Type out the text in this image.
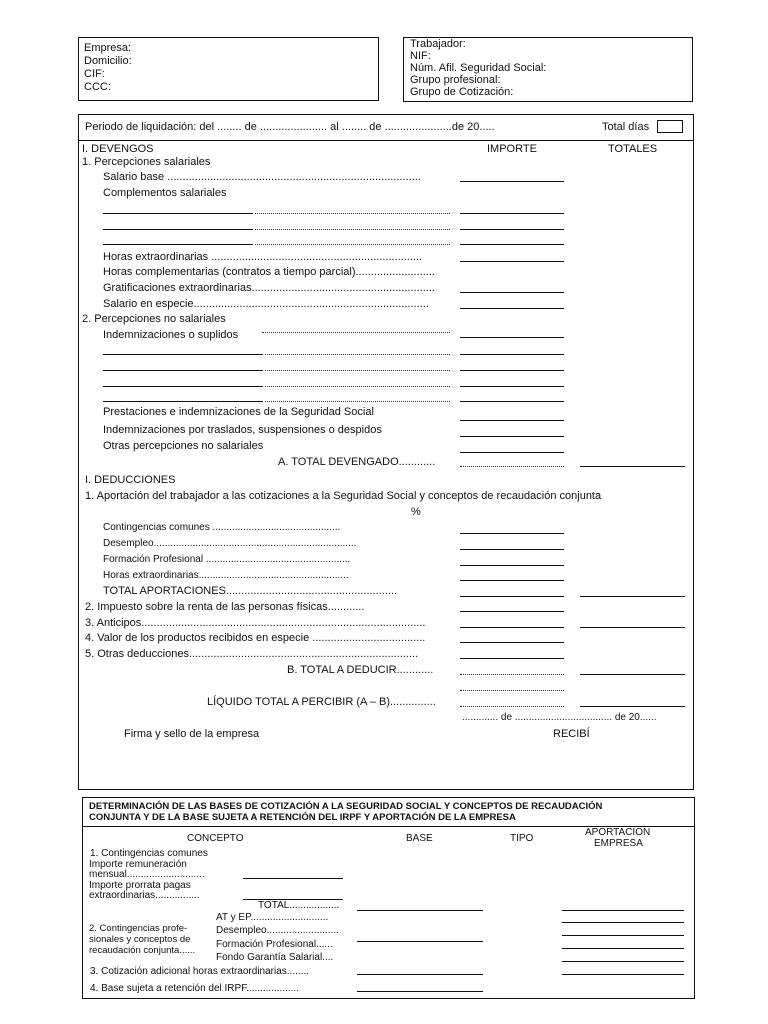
Empresa:
Domicilio:
CIF:
CCC:
Trabajador:
NIF:
Núm. Afil. Seguridad Social:
Grupo profesional:
Grupo de Cotización:
Periodo de liquidación: del ........ de ...................... al ........ de ......................de 20.....	Total días
I. DEVENGOS	IMPORTE	TOTALES
1. Percepciones salariales
Salario base ...................................................................................
Complementos salariales
Horas extraordinarias .....................................................................
Horas complementarias (contratos a tiempo parcial)..........................
Gratificaciones extraordinarias............................................................
Salario en especie.............................................................................
2. Percepciones no salariales
Indemnizaciones o suplidos
Prestaciones e indemnizaciones de la Seguridad Social
Indemnizaciones por traslados, suspensiones o despidos
Otras percepciones no salariales
A. TOTAL DEVENGADO............
I. DEDUCCIONES
1. Aportación del trabajador a las cotizaciones a la Seguridad Social y conceptos de recaudación conjunta
%
Contingencias comunes ..............................................
Desempleo.........................................................................
Formación Profesional ....................................................
Horas extraordinarias......................................................
TOTAL APORTACIONES........................................................
2. Impuesto sobre la renta de las personas físicas............
3. Anticipos.............................................................................................
4. Valor de los productos recibidos en especie .....................................
5. Otras deducciones...........................................................................
B. TOTAL A DEDUCIR............
LÍQUIDO TOTAL A PERCIBIR (A – B)...............
............. de ................................... de 20......
Firma y sello de la empresa	RECIBÍ
DETERMINACIÓN DE LAS BASES DE COTIZACIÓN A LA SEGURIDAD SOCIAL Y CONCEPTOS DE RECAUDACIÓN
CONJUNTA Y DE LA BASE SUJETA A RETENCIÓN DEL IRPF Y APORTACIÓN DE LA EMPRESA
CONCEPTO	BASE	TIPO
APORTACIÓN
EMPRESA
1. Contingencias comunes
Importe remuneración
mensual............................
Importe prorrata pagas
extraordinarias................
TOTAL..................
AT y EP............................
2. Contingencias profe-
sionales y conceptos de
recaudación conjunta......
Desempleo..........................
Formación Profesional......
Fondo Garantía Salarial....
3. Cotización adicional horas extraordinarias........
4. Base sujeta a retención del IRPF...................
